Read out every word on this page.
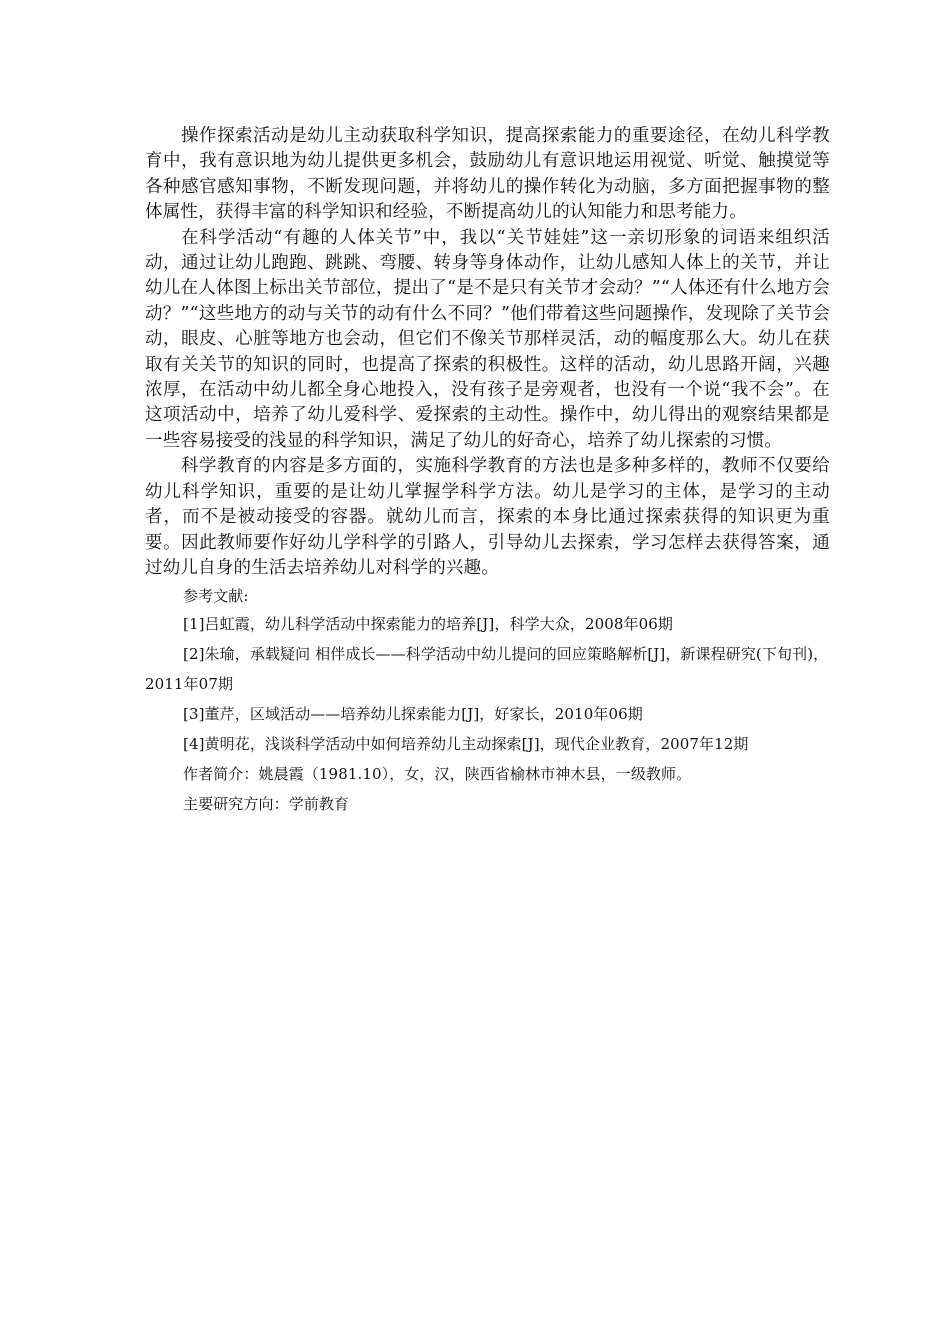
操作探索活动是幼儿主动获取科学知识，提高探索能力的重要途径，在幼儿科学教育中，我有意识地为幼儿提供更多机会，鼓励幼儿有意识地运用视觉、听觉、触摸觉等各种感官感知事物，不断发现问题，并将幼儿的操作转化为动脑，多方面把握事物的整体属性，获得丰富的科学知识和经验，不断提高幼儿的认知能力和思考能力。

在科学活动“有趣的人体关节”中，我以“关节娃娃”这一亲切形象的词语来组织活动，通过让幼儿跑跑、跳跳、弯腰、转身等身体动作，让幼儿感知人体上的关节，并让幼儿在人体图上标出关节部位，提出了“是不是只有关节才会动？”“人体还有什么地方会动？”“这些地方的动与关节的动有什么不同？”他们带着这些问题操作，发现除了关节会动，眼皮、心脏等地方也会动，但它们不像关节那样灵活，动的幅度那么大。幼儿在获取有关关节的知识的同时，也提高了探索的积极性。这样的活动，幼儿思路开阔，兴趣浓厚，在活动中幼儿都全身心地投入，没有孩子是旁观者，也没有一个说“我不会”。在这项活动中，培养了幼儿爱科学、爱探索的主动性。操作中，幼儿得出的观察结果都是一些容易接受的浅显的科学知识，满足了幼儿的好奇心，培养了幼儿探索的习惯。

科学教育的内容是多方面的，实施科学教育的方法也是多种多样的，教师不仅要给幼儿科学知识，重要的是让幼儿掌握学科学方法。幼儿是学习的主体，是学习的主动者，而不是被动接受的容器。就幼儿而言，探索的本身比通过探索获得的知识更为重要。因此教师要作好幼儿学科学的引路人，引导幼儿去探索，学习怎样去获得答案，通过幼儿自身的生活去培养幼儿对科学的兴趣。

参考文献:

[1]吕虹霞，幼儿科学活动中探索能力的培养[J]，科学大众，2008年06期

[2]朱瑜，承载疑问 相伴成长——科学活动中幼儿提问的回应策略解析[J]，新课程研究(下旬刊)，2011年07期

[3]董芹，区域活动——培养幼儿探索能力[J]，好家长，2010年06期

[4]黄明花，浅谈科学活动中如何培养幼儿主动探索[J]，现代企业教育，2007年12期

作者简介：姚晨霞（1981.10），女，汉，陕西省榆林市神木县，一级教师。

主要研究方向：学前教育
